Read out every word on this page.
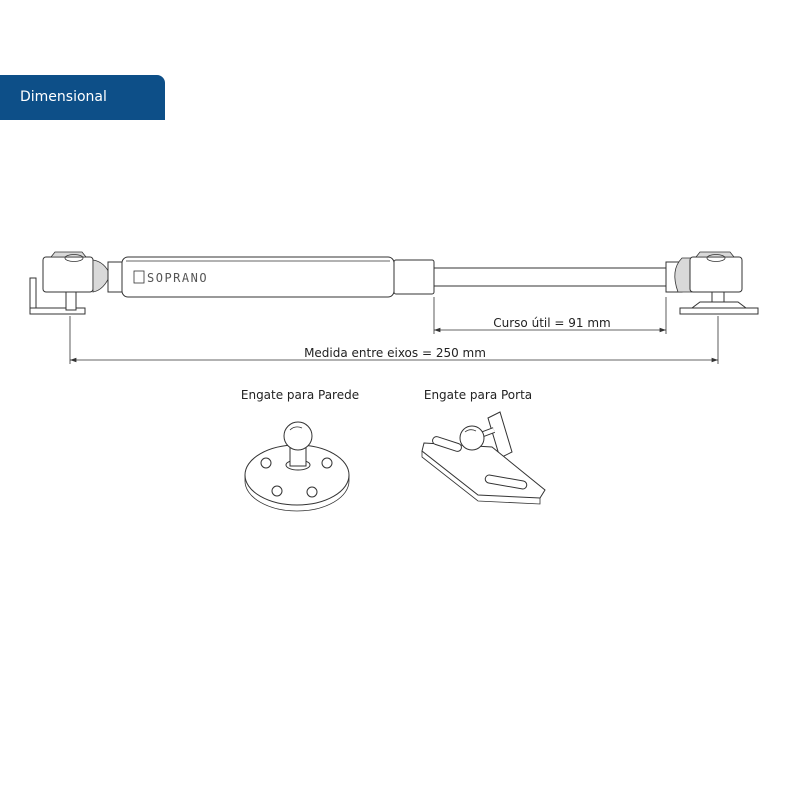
Dimensional
SOPRANO
Curso útil = 91 mm
Medida entre eixos = 250 mm
Engate para Parede	Engate para Porta
